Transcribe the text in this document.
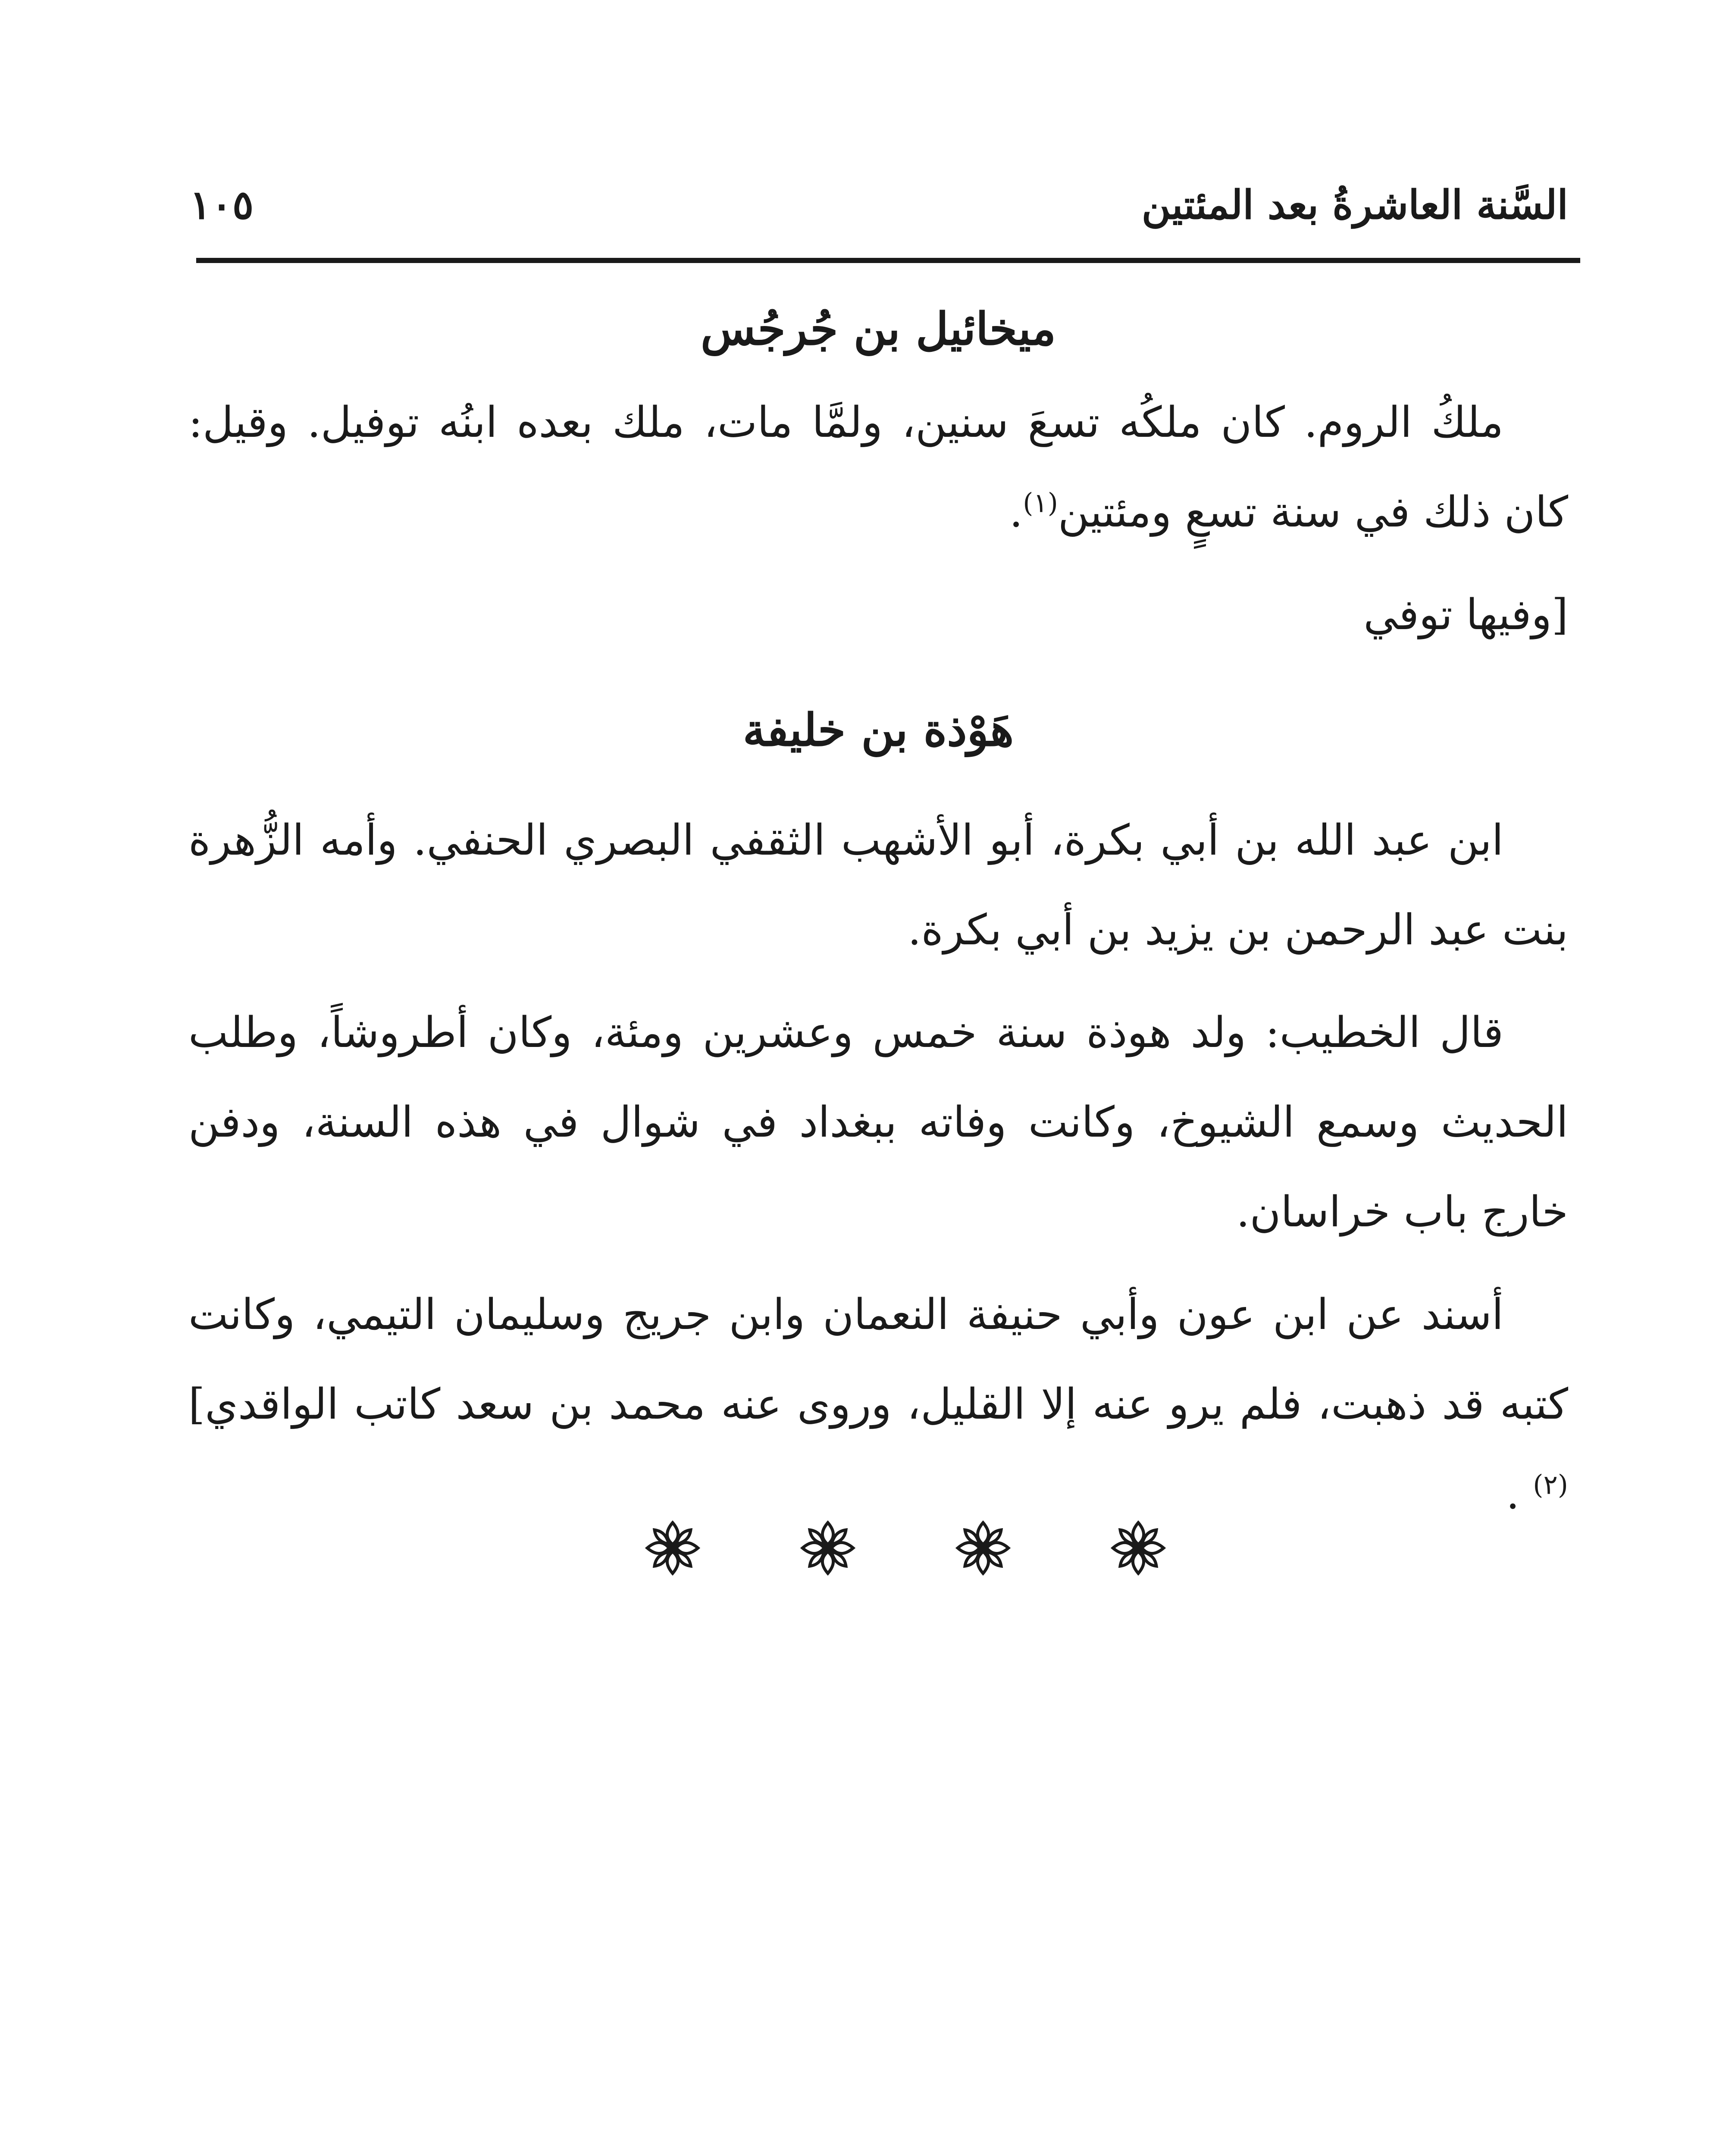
السَّنة العاشرةُ بعد المئتين
١٠٥
ميخائيل بن جُرجُس

ملكُ الروم. كان ملكُه تسعَ سنين، ولمَّا مات، ملك بعده ابنُه توفيل. وقيل: كان ذلك في سنة تسعٍ ومئتين$^{(١)}$.

[وفيها توفي

هَوْذة بن خليفة

ابن عبد الله بن أبي بكرة، أبو الأشهب الثقفي البصري الحنفي. وأمه الزُّهرة بنت عبد الرحمن بن يزيد بن أبي بكرة.

قال الخطيب: ولد هوذة سنة خمس وعشرين ومئة، وكان أطروشاً، وطلب الحديث وسمع الشيوخ، وكانت وفاته ببغداد في شوال في هذه السنة، ودفن خارج باب خراسان.

أسند عن ابن عون وأبي حنيفة النعمان وابن جريج وسليمان التيمي، وكانت كتبه قد ذهبت، فلم يرو عنه إلا القليل، وروى عنه محمد بن سعد كاتب الواقدي]$^{(٢)}$ .
